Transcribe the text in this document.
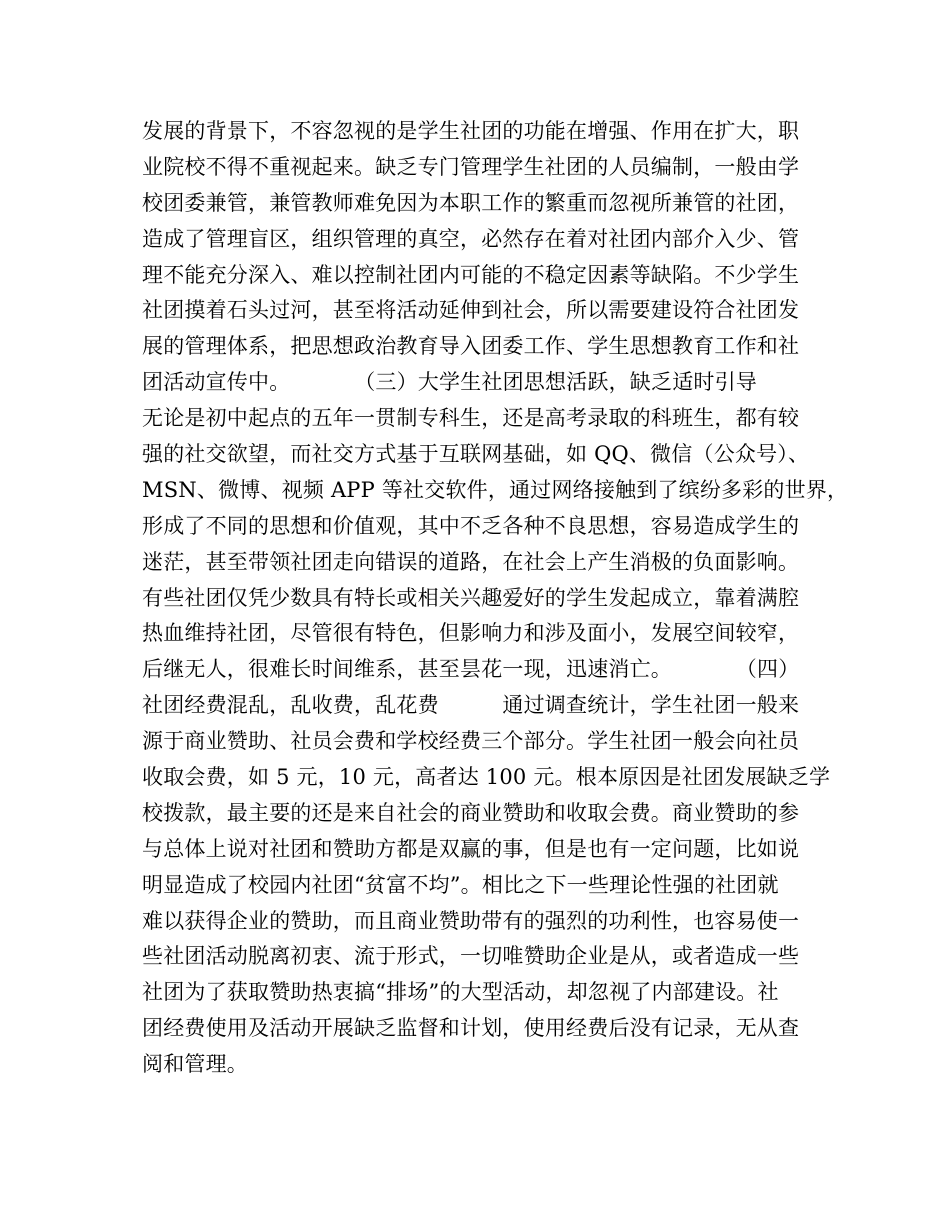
发展的背景下，不容忽视的是学生社团的功能在增强、作用在扩大，职
业院校不得不重视起来。缺乏专门管理学生社团的人员编制，一般由学
校团委兼管，兼管教师难免因为本职工作的繁重而忽视所兼管的社团，
造成了管理盲区，组织管理的真空，必然存在着对社团内部介入少、管
理不能充分深入、难以控制社团内可能的不稳定因素等缺陷。不少学生
社团摸着石头过河，甚至将活动延伸到社会，所以需要建设符合社团发
展的管理体系，把思想政治教育导入团委工作、学生思想教育工作和社
团活动宣传中。　　　　（三）大学生社团思想活跃，缺乏适时引导
无论是初中起点的五年一贯制专科生，还是高考录取的科班生，都有较
强的社交欲望，而社交方式基于互联网基础，如 QQ、微信（公众号）、
MSN、微博、视频 APP 等社交软件，通过网络接触到了缤纷多彩的世界，
形成了不同的思想和价值观，其中不乏各种不良思想，容易造成学生的
迷茫，甚至带领社团走向错误的道路，在社会上产生消极的负面影响。
有些社团仅凭少数具有特长或相关兴趣爱好的学生发起成立，靠着满腔
热血维持社团，尽管很有特色，但影响力和涉及面小，发展空间较窄，
后继无人，很难长时间维系，甚至昙花一现，迅速消亡。　　　　（四）
社团经费混乱，乱收费，乱花费　　　通过调查统计，学生社团一般来
源于商业赞助、社员会费和学校经费三个部分。学生社团一般会向社员
收取会费，如 5 元，10 元，高者达 100 元。根本原因是社团发展缺乏学
校拨款，最主要的还是来自社会的商业赞助和收取会费。商业赞助的参
与总体上说对社团和赞助方都是双赢的事，但是也有一定问题，比如说
明显造成了校园内社团“贫富不均”。相比之下一些理论性强的社团就
难以获得企业的赞助，而且商业赞助带有的强烈的功利性，也容易使一
些社团活动脱离初衷、流于形式，一切唯赞助企业是从，或者造成一些
社团为了获取赞助热衷搞“排场”的大型活动，却忽视了内部建设。社
团经费使用及活动开展缺乏监督和计划，使用经费后没有记录，无从查
阅和管理。
